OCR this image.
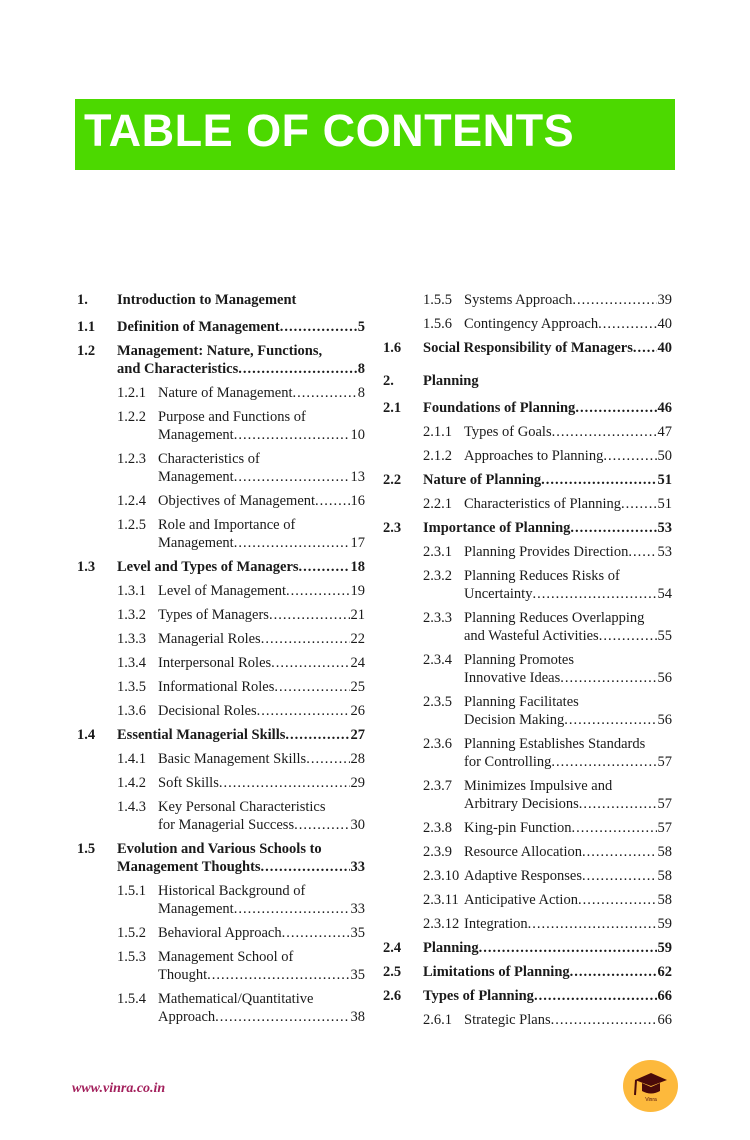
TABLE OF CONTENTS
1.	Introduction to Management
1.1	Definition of Management .....	5
1.2	Management: Nature, Functions,
and Characteristics .....	8
1.2.1 Nature of Management .....	8
1.2.2 Purpose and Functions of
Management .....	10
1.2.3 Characteristics of
Management .....	13
1.2.4 Objectives of Management ..... 16
1.2.5 Role and Importance of
Management .....	17
1.3	Level and Types of Managers .....	18
1.3.1 Level of Management .....	19
1.3.2 Types of Managers .....	21
1.3.3 Managerial Roles .....	22
1.3.4 Interpersonal Roles .....	24
1.3.5 Informational Roles .....	25
1.3.6 Decisional Roles .....	26
1.4	Essential Managerial Skills .....	27
1.4.1 Basic Management Skills .....	28
1.4.2 Soft Skills .....	29
1.4.3 Key Personal Characteristics
for Managerial Success .....	30
1.5	Evolution and Various Schools to
Management Thoughts .....	33
1.5.1 Historical Background of
Management .....	33
1.5.2 Behavioral Approach .....	35
1.5.3 Management School of
Thought .....	35
1.5.4 Mathematical/Quantitative
Approach .....	38
1.5.5 Systems Approach .....	39
1.5.6 Contingency Approach .....	40
1.6	Social Responsibility of Managers ..... 40
2.	Planning
2.1	Foundations of Planning .....	46
2.1.1 Types of Goals .....	47
2.1.2 Approaches to Planning .....	50
2.2	Nature of Planning .....	51
2.2.1 Characteristics of Planning .....	51
2.3	Importance of Planning .....	53
2.3.1 Planning Provides Direction ..... 53
2.3.2 Planning Reduces Risks of
Uncertainty .....	54
2.3.3 Planning Reduces Overlapping
and Wasteful Activities .....	55
2.3.4 Planning Promotes
Innovative Ideas .....	56
2.3.5 Planning Facilitates
Decision Making .....	56
2.3.6 Planning Establishes Standards
for Controlling .....	57
2.3.7 Minimizes Impulsive and
Arbitrary Decisions .....	57
2.3.8 King-pin Function .....	57
2.3.9 Resource Allocation .....	58
2.3.10 Adaptive Responses .....	58
2.3.11 Anticipative Action .....	58
2.3.12 Integration .....	59
2.4	Planning .....	59
2.5	Limitations of Planning .....	62
2.6	Types of Planning .....	66
2.6.1 Strategic Plans .....	66
www.vinra.co.in
Vinra
